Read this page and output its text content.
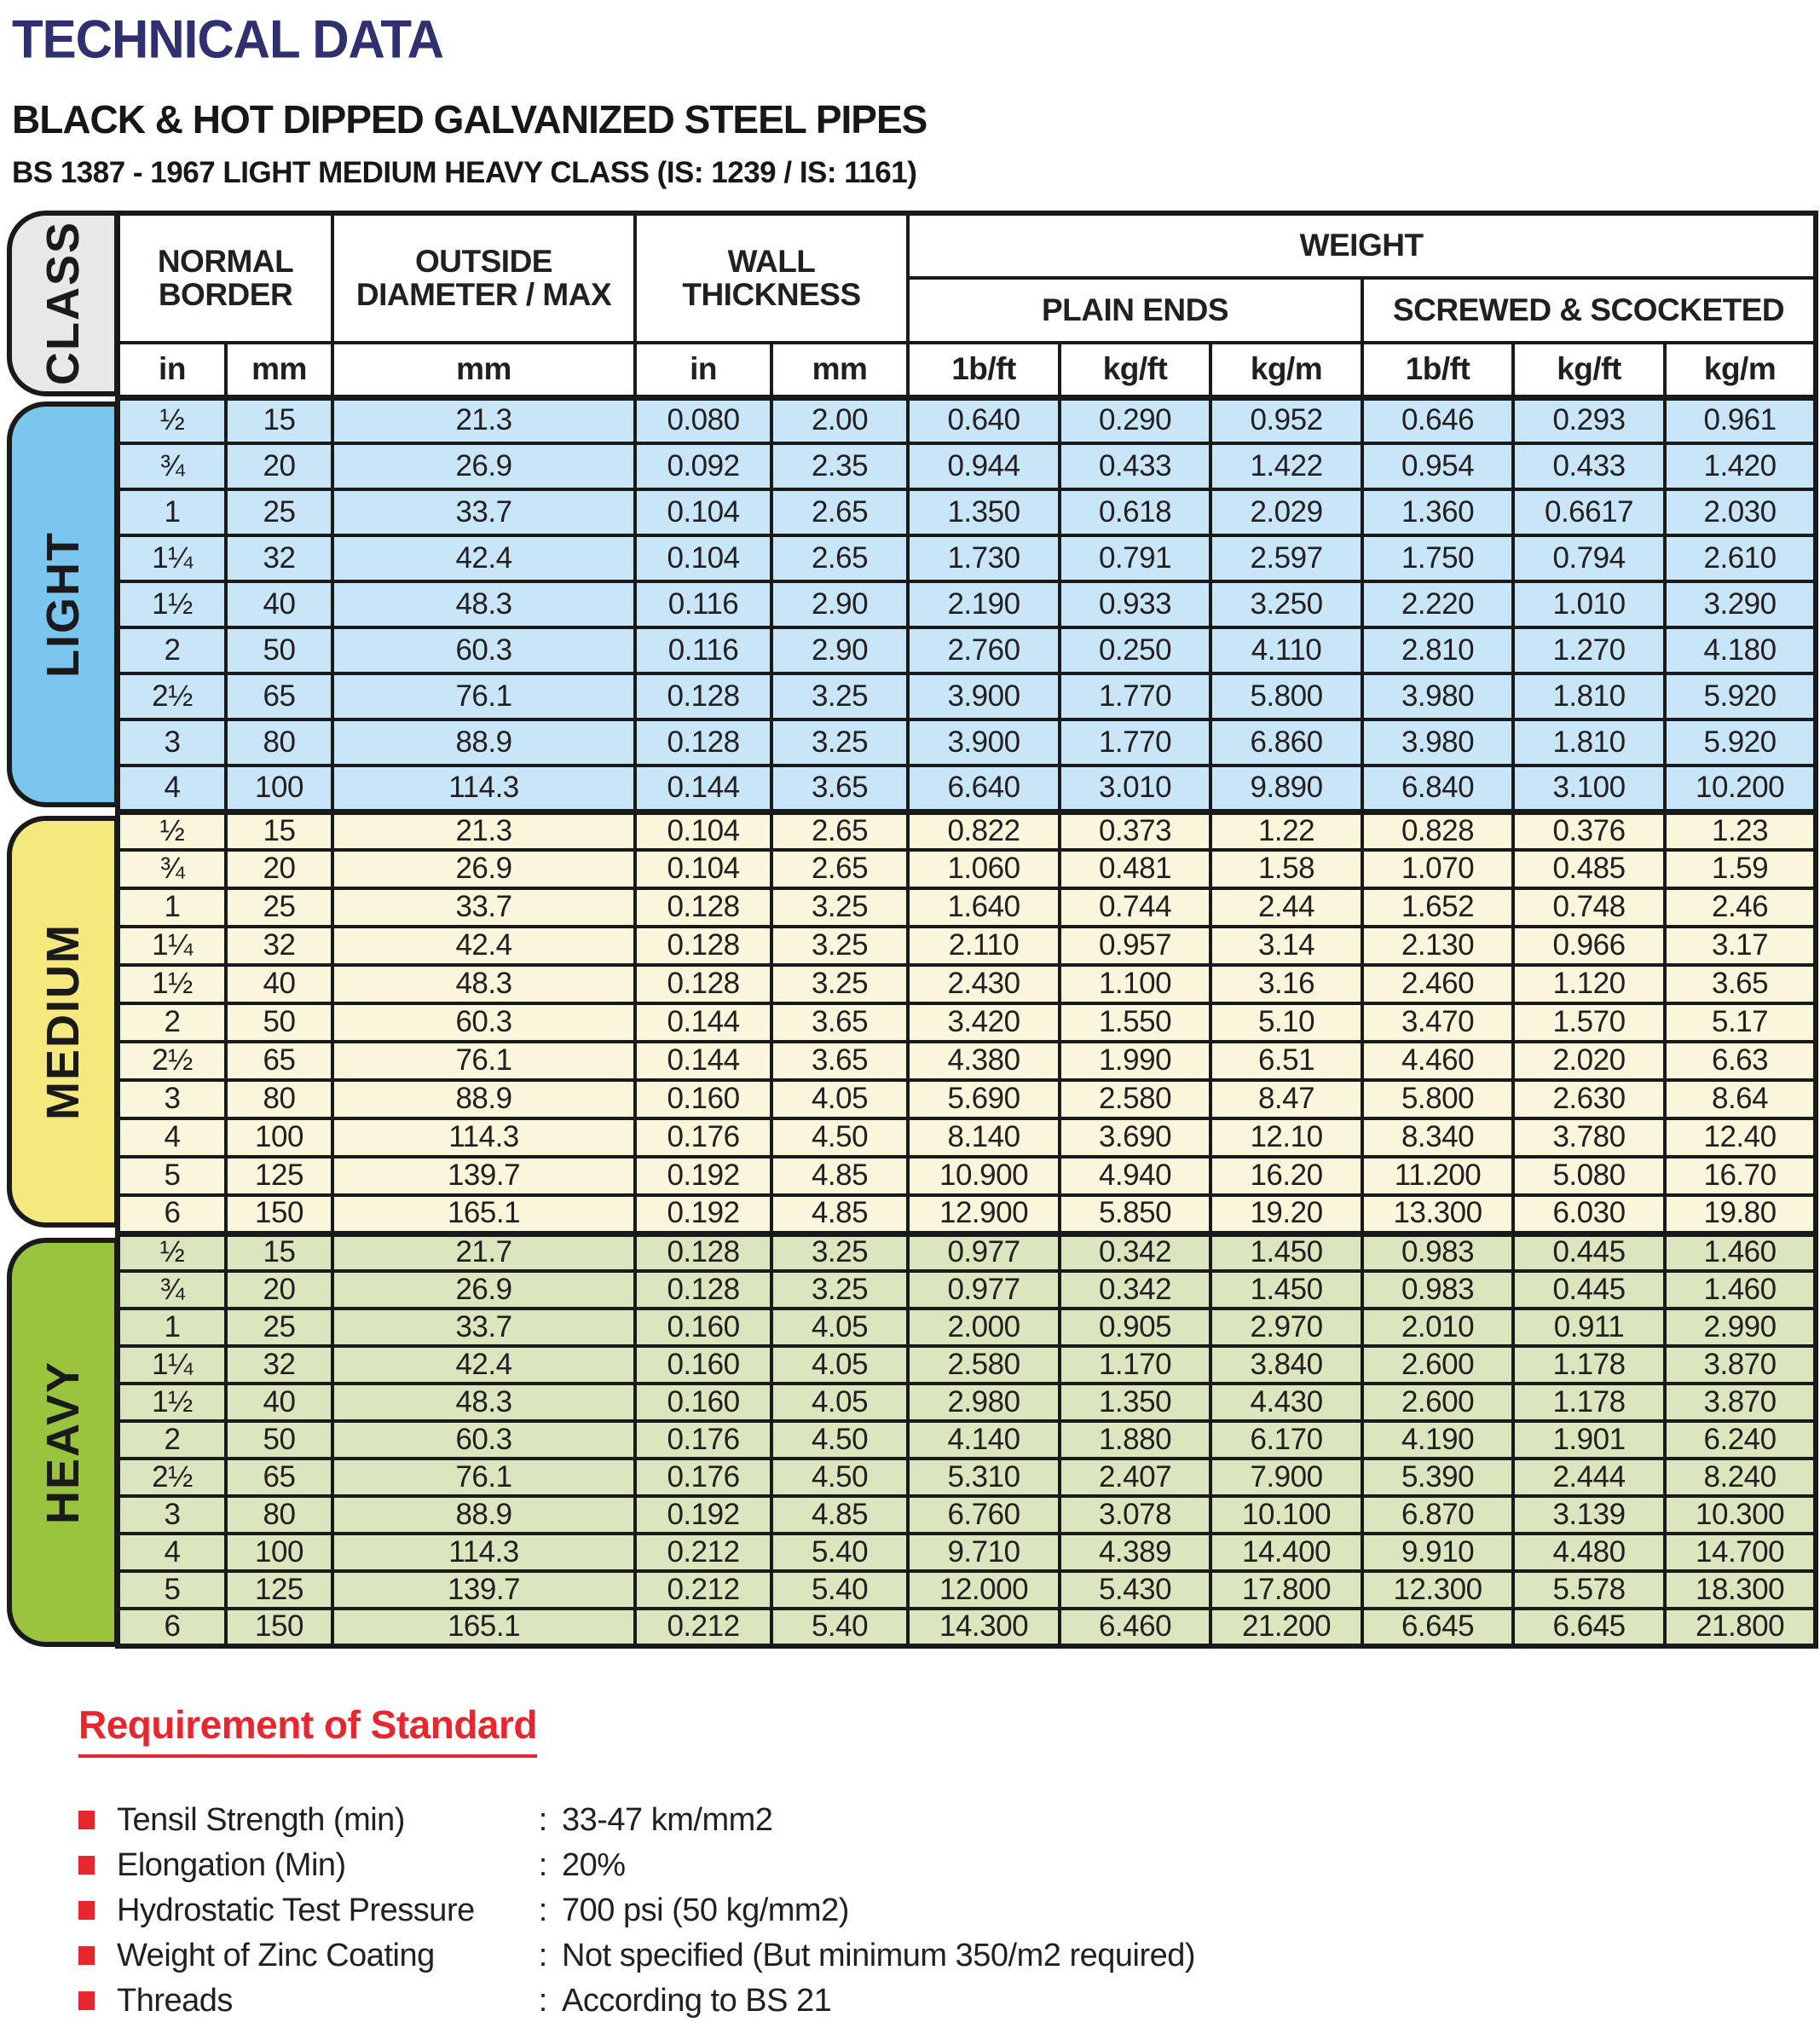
TECHNICAL DATA
BLACK & HOT DIPPED GALVANIZED STEEL PIPES
BS 1387 - 1967 LIGHT MEDIUM HEAVY CLASS (IS: 1239 / IS: 1161)
CLASS
LIGHT
MEDIUM
HEAVY
NORMAL BORDER		OUTSIDE DIAMETER / MAX	WALL THICKNESS		WEIGHT					
					PLAIN ENDS			SCREWED & SCOCKETED		
in	mm	mm	in	mm	1b/ft	kg/ft	kg/m	1b/ft	kg/ft	kg/m
½	15	21.3	0.080	2.00	0.640	0.290	0.952	0.646	0.293	0.961
¾	20	26.9	0.092	2.35	0.944	0.433	1.422	0.954	0.433	1.420
1	25	33.7	0.104	2.65	1.350	0.618	2.029	1.360	0.6617	2.030
1¼	32	42.4	0.104	2.65	1.730	0.791	2.597	1.750	0.794	2.610
1½	40	48.3	0.116	2.90	2.190	0.933	3.250	2.220	1.010	3.290
2	50	60.3	0.116	2.90	2.760	0.250	4.110	2.810	1.270	4.180
2½	65	76.1	0.128	3.25	3.900	1.770	5.800	3.980	1.810	5.920
3	80	88.9	0.128	3.25	3.900	1.770	6.860	3.980	1.810	5.920
4	100	114.3	0.144	3.65	6.640	3.010	9.890	6.840	3.100	10.200
½	15	21.3	0.104	2.65	0.822	0.373	1.22	0.828	0.376	1.23
¾	20	26.9	0.104	2.65	1.060	0.481	1.58	1.070	0.485	1.59
1	25	33.7	0.128	3.25	1.640	0.744	2.44	1.652	0.748	2.46
1¼	32	42.4	0.128	3.25	2.110	0.957	3.14	2.130	0.966	3.17
1½	40	48.3	0.128	3.25	2.430	1.100	3.16	2.460	1.120	3.65
2	50	60.3	0.144	3.65	3.420	1.550	5.10	3.470	1.570	5.17
2½	65	76.1	0.144	3.65	4.380	1.990	6.51	4.460	2.020	6.63
3	80	88.9	0.160	4.05	5.690	2.580	8.47	5.800	2.630	8.64
4	100	114.3	0.176	4.50	8.140	3.690	12.10	8.340	3.780	12.40
5	125	139.7	0.192	4.85	10.900	4.940	16.20	11.200	5.080	16.70
6	150	165.1	0.192	4.85	12.900	5.850	19.20	13.300	6.030	19.80
½	15	21.7	0.128	3.25	0.977	0.342	1.450	0.983	0.445	1.460
¾	20	26.9	0.128	3.25	0.977	0.342	1.450	0.983	0.445	1.460
1	25	33.7	0.160	4.05	2.000	0.905	2.970	2.010	0.911	2.990
1¼	32	42.4	0.160	4.05	2.580	1.170	3.840	2.600	1.178	3.870
1½	40	48.3	0.160	4.05	2.980	1.350	4.430	2.600	1.178	3.870
2	50	60.3	0.176	4.50	4.140	1.880	6.170	4.190	1.901	6.240
2½	65	76.1	0.176	4.50	5.310	2.407	7.900	5.390	2.444	8.240
3	80	88.9	0.192	4.85	6.760	3.078	10.100	6.870	3.139	10.300
4	100	114.3	0.212	5.40	9.710	4.389	14.400	9.910	4.480	14.700
5	125	139.7	0.212	5.40	12.000	5.430	17.800	12.300	5.578	18.300
6	150	165.1	0.212	5.40	14.300	6.460	21.200	6.645	6.645	21.800
Requirement of Standard
Tensil Strength (min)	: 33-47 km/mm2
Elongation (Min)	: 20%
Hydrostatic Test Pressure	: 700 psi (50 kg/mm2)
Weight of Zinc Coating	: Not specified (But minimum 350/m2 required)
Threads	: According to BS 21
